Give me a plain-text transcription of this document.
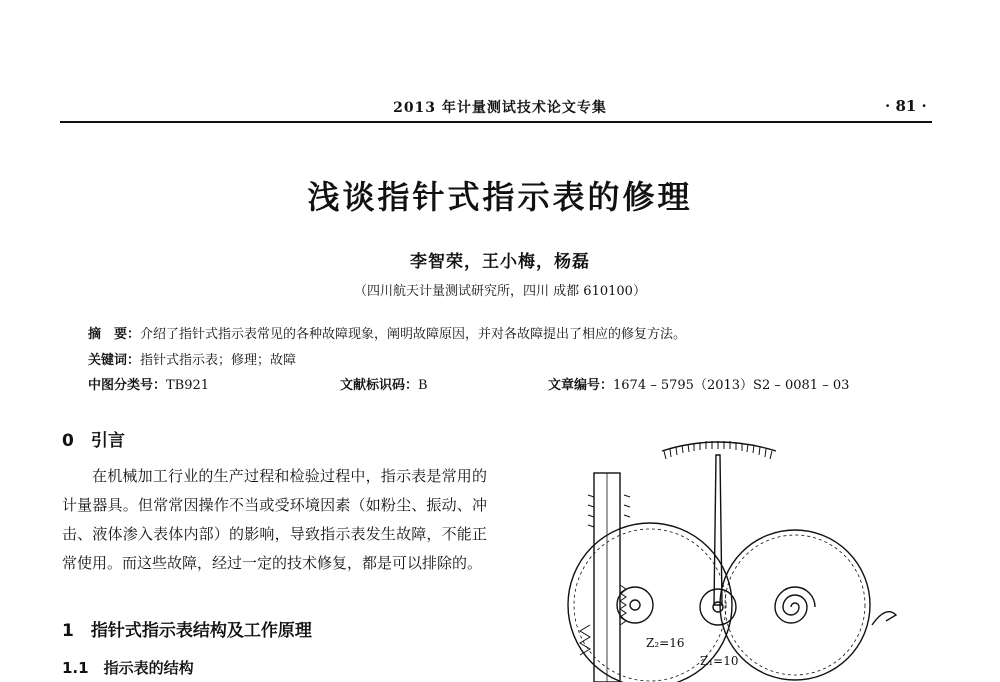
2013 年计量测试技术论文专集	· 81 ·
浅谈指针式指示表的修理
李智荣，王小梅，杨磊
（四川航天计量测试研究所，四川 成都 610100）
摘　要：介绍了指针式指示表常见的各种故障现象，阐明故障原因，并对各故障提出了相应的修复方法。
关键词：指针式指示表；修理；故障
中图分类号：TB921	文献标识码：B	文章编号：1674 – 5795（2013）S2 – 0081 – 03
0　引言
在机械加工行业的生产过程和检验过程中，指示表是常用的计量器具。但常常因操作不当或受环境因素（如粉尘、振动、冲击、液体渗入表体内部）的影响，导致指示表发生故障，不能正常使用。而这些故障，经过一定的技术修复，都是可以排除的。
1　指针式指示表结构及工作原理
1.1　指示表的结构
Z₂=16
Z₁=10
